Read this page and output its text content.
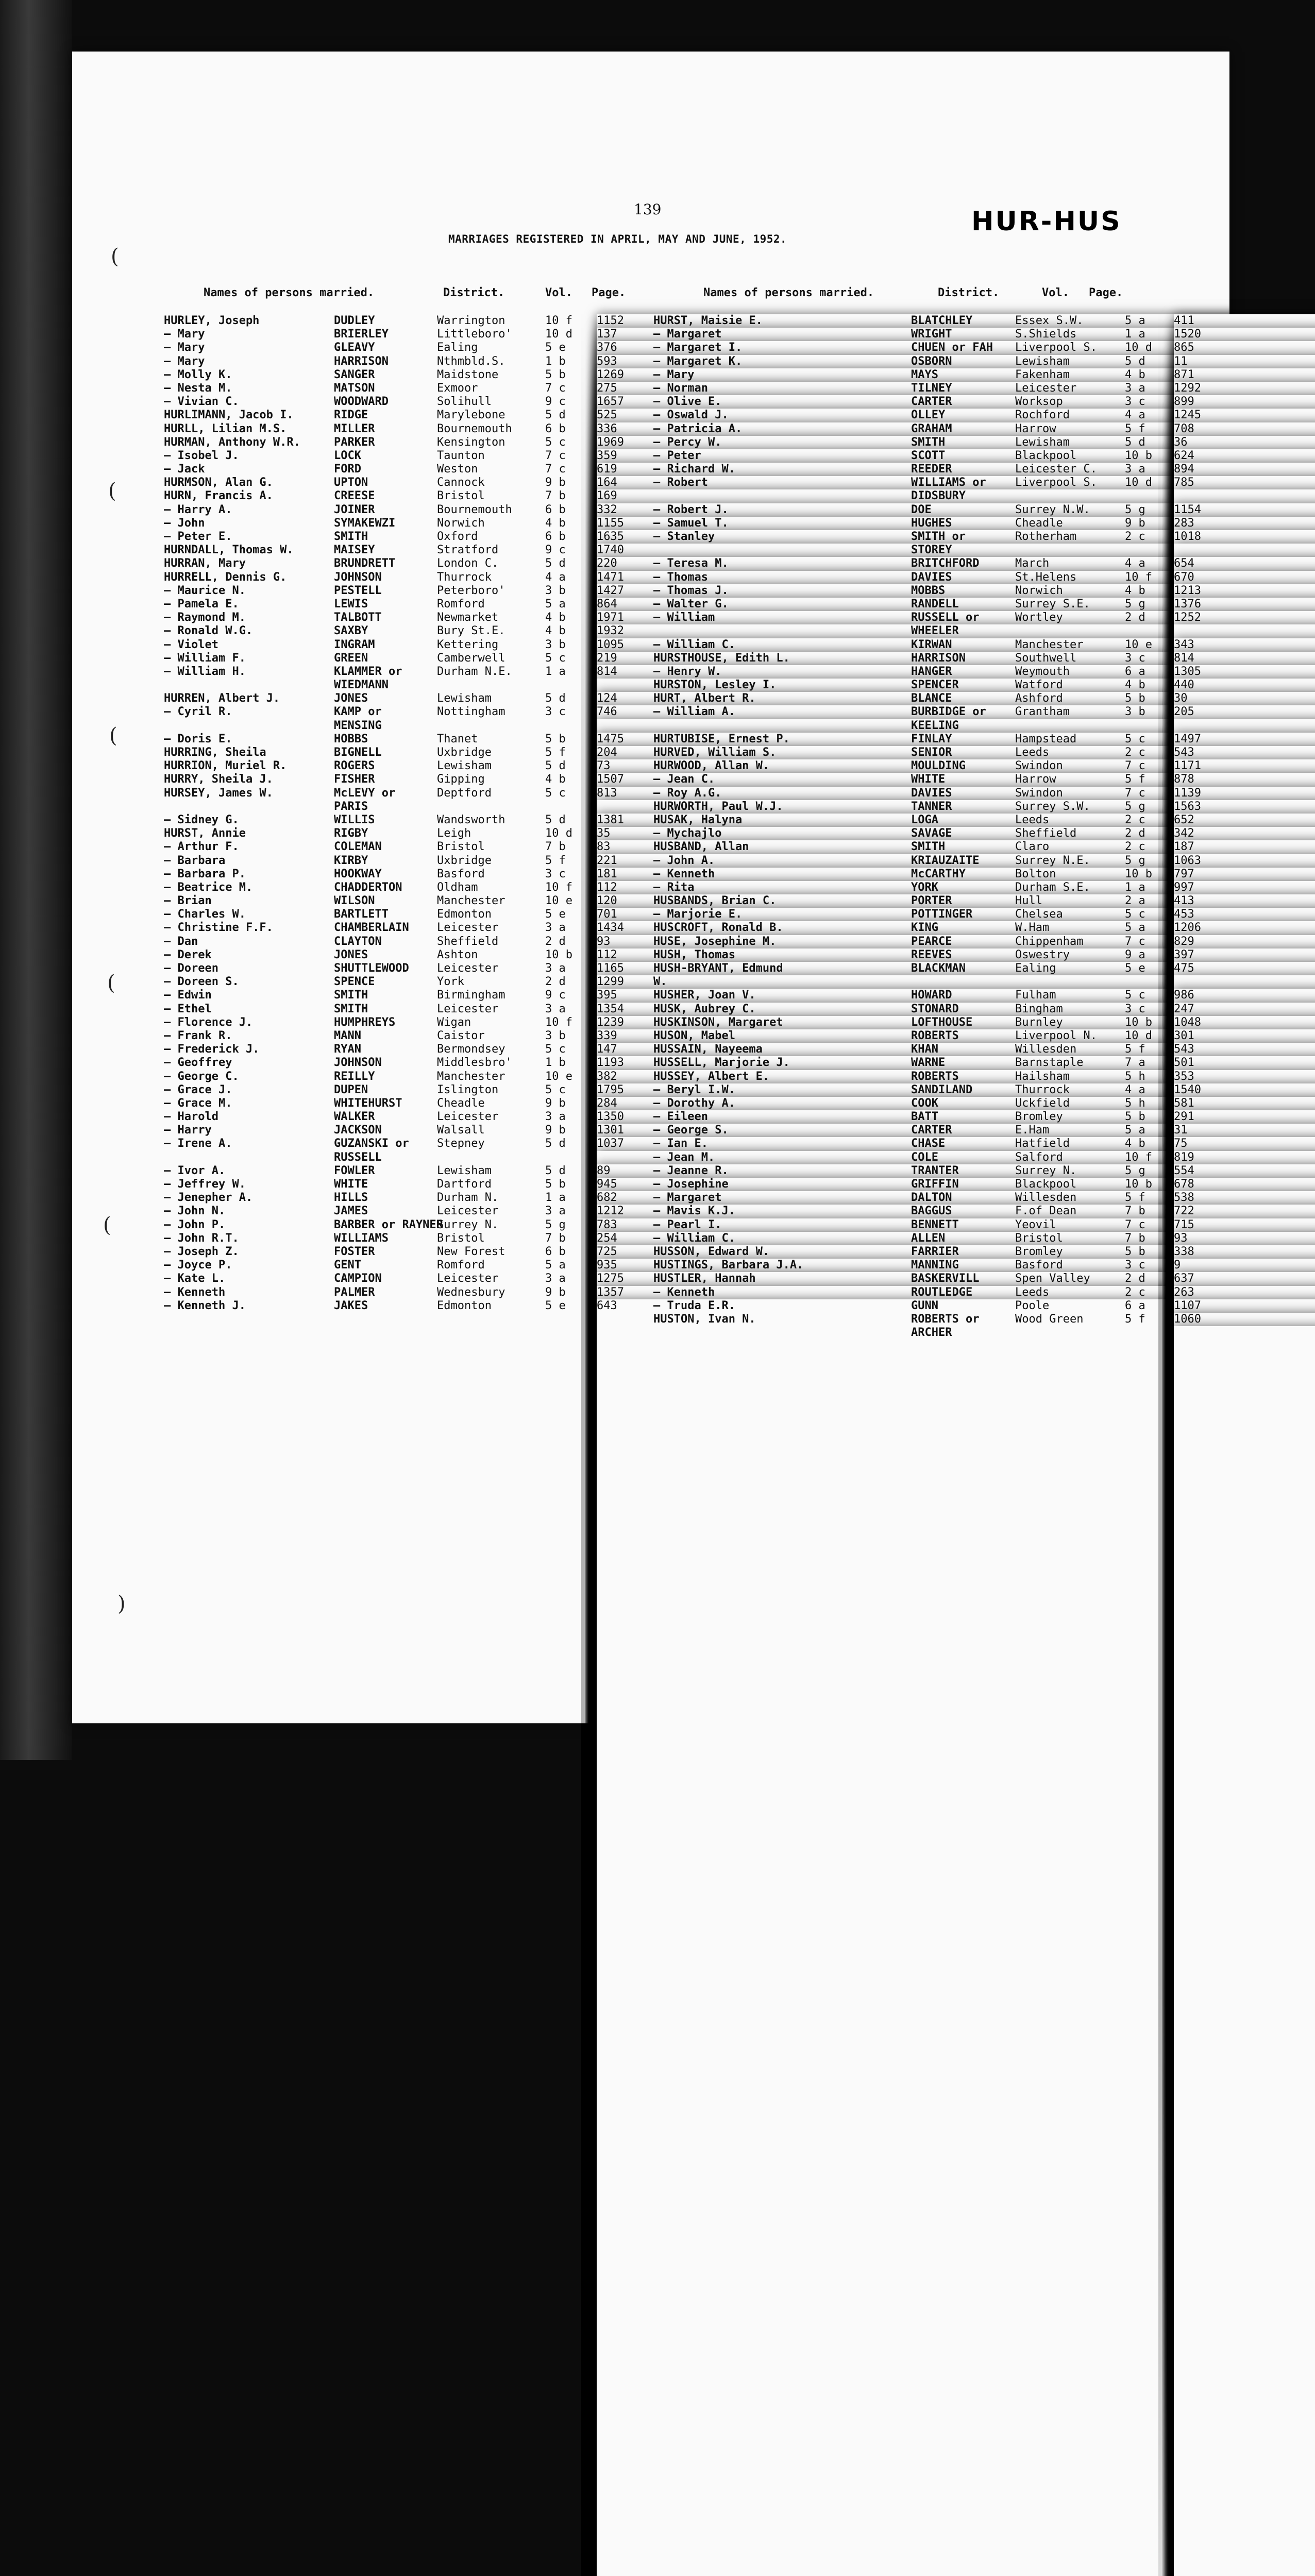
139
MARRIAGES REGISTERED IN APRIL, MAY AND JUNE, 1952.
HUR-HUS
(
(
(
(
(
)
Names of persons married.	District.	Vol. Page.	Names of persons married.	District.	Vol. Page.
HURLEY, Joseph	DUDLEY	Warrington	10 f 1152
— Mary	BRIERLEY	Littleboro'	10 d 137
— Mary	GLEAVY	Ealing	5 e	376
— Mary	HARRISON	Nthmbld.S.	1 b	593
— Molly K.	SANGER	Maidstone	5 b	1269
— Nesta M.	MATSON	Exmoor	7 c	275
— Vivian C.	WOODWARD	Solihull	9 c	1657
HURLIMANN, Jacob I.	RIDGE	Marylebone	5 d	525
HURLL, Lilian M.S.	MILLER	Bournemouth	6 b	336
HURMAN, Anthony W.R.	PARKER	Kensington	5 c	1969
— Isobel J.	LOCK	Taunton	7 c	359
— Jack	FORD	Weston	7 c	619
HURMSON, Alan G.	UPTON	Cannock	9 b	164
HURN, Francis A.	CREESE	Bristol	7 b	169
— Harry A.	JOINER	Bournemouth	6 b	332
— John	SYMAKEWZI	Norwich	4 b	1155
— Peter E.	SMITH	Oxford	6 b	1635
HURNDALL, Thomas W.	MAISEY	Stratford	9 c	1740
HURRAN, Mary	BRUNDRETT	London C.	5 d	220
HURRELL, Dennis G.	JOHNSON	Thurrock	4 a	1471
— Maurice N.	PESTELL	Peterboro'	3 b	1427
— Pamela E.	LEWIS	Romford	5 a	864
— Raymond M.	TALBOTT	Newmarket	4 b	1971
— Ronald W.G.	SAXBY	Bury St.E.	4 b	1932
— Violet	INGRAM	Kettering	3 b	1095
— William F.	GREEN	Camberwell	5 c	219
— William H.	KLAMMER or	Durham N.E.	1 a	814
WIEDMANN
HURREN, Albert J.	JONES	Lewisham	5 d	124
— Cyril R.	KAMP or	Nottingham	3 c	746
MENSING
— Doris E.	HOBBS	Thanet	5 b	1475
HURRING, Sheila	BIGNELL	Uxbridge	5 f	204
HURRION, Muriel R.	ROGERS	Lewisham	5 d	73
HURRY, Sheila J.	FISHER	Gipping	4 b	1507
HURSEY, James W.	McLEVY or	Deptford	5 c	813
PARIS
— Sidney G.	WILLIS	Wandsworth	5 d	1381
HURST, Annie	RIGBY	Leigh	10 d 35
— Arthur F.	COLEMAN	Bristol	7 b	83
— Barbara	KIRBY	Uxbridge	5 f	221
— Barbara P.	HOOKWAY	Basford	3 c	181
— Beatrice M.	CHADDERTON	Oldham	10 f 112
— Brian	WILSON	Manchester	10 e 120
— Charles W.	BARTLETT	Edmonton	5 e	701
— Christine F.F.	CHAMBERLAIN Leicester	3 a	1434
— Dan	CLAYTON	Sheffield	2 d	93
— Derek	JONES	Ashton	10 b 112
— Doreen	SHUTTLEWOOD Leicester	3 a	1165
— Doreen S.	SPENCE	York	2 d	1299
— Edwin	SMITH	Birmingham	9 c	395
— Ethel	SMITH	Leicester	3 a	1354
— Florence J.	HUMPHREYS	Wigan	10 f 1239
— Frank R.	MANN	Caistor	3 b	339
— Frederick J.	RYAN	Bermondsey	5 c	147
— Geoffrey	JOHNSON	Middlesbro'	1 b	1193
— George C.	REILLY	Manchester	10 e 382
— Grace J.	DUPEN	Islington	5 c	1795
— Grace M.	WHITEHURST	Cheadle	9 b	284
— Harold	WALKER	Leicester	3 a	1350
— Harry	JACKSON	Walsall	9 b	1301
— Irene A.	GUZANSKI or Stepney	5 d	1037
RUSSELL
— Ivor A.	FOWLER	Lewisham	5 d	89
— Jeffrey W.	WHITE	Dartford	5 b	945
— Jenepher A.	HILLS	Durham N.	1 a	682
— John N.	JAMES	Leicester	3 a	1212
— John P.	BARBER or RAYNER
Surrey N.	5 g	783
— John R.T.	WILLIAMS	Bristol	7 b	254
— Joseph Z.	FOSTER	New Forest	6 b	725
— Joyce P.	GENT	Romford	5 a	935
— Kate L.	CAMPION	Leicester	3 a	1275
— Kenneth	PALMER	Wednesbury	9 b	1357
— Kenneth J.	JAKES	Edmonton	5 e	643
HURST, Maisie E.	BLATCHLEY	Essex S.W.	5 a	411
— Margaret	WRIGHT	S.Shields	1 a	1520
— Margaret I.	CHUEN or FAH Liverpool S. 10 d 865
— Margaret K.	OSBORN	Lewisham	5 d	11
— Mary	MAYS	Fakenham	4 b	871
— Norman	TILNEY	Leicester	3 a	1292
— Olive E.	CARTER	Worksop	3 c	899
— Oswald J.	OLLEY	Rochford	4 a	1245
— Patricia A.	GRAHAM	Harrow	5 f	708
— Percy W.	SMITH	Lewisham	5 d	36
— Peter	SCOTT	Blackpool	10 b 624
— Richard W.	REEDER	Leicester C. 3 a	894
— Robert	WILLIAMS or	Liverpool S. 10 d 785
DIDSBURY
— Robert J.	DOE	Surrey N.W.	5 g	1154
— Samuel T.	HUGHES	Cheadle	9 b	283
— Stanley	SMITH or	Rotherham	2 c	1018
STOREY
— Teresa M.	BRITCHFORD	March	4 a	654
— Thomas	DAVIES	St.Helens	10 f 670
— Thomas J.	MOBBS	Norwich	4 b	1213
— Walter G.	RANDELL	Surrey S.E.	5 g	1376
— William	RUSSELL or	Wortley	2 d	1252
WHEELER
— William C.	KIRWAN	Manchester	10 e 343
HURSTHOUSE, Edith L.	HARRISON	Southwell	3 c	814
— Henry W.	HANGER	Weymouth	6 a	1305
HURSTON, Lesley I.	SPENCER	Watford	4 b	440
HURT, Albert R.	BLANCE	Ashford	5 b	30
— William A.	BURBIDGE or	Grantham	3 b	205
KEELING
HURTUBISE, Ernest P.	FINLAY	Hampstead	5 c	1497
HURVED, William S.	SENIOR	Leeds	2 c	543
HURWOOD, Allan W.	MOULDING	Swindon	7 c	1171
— Jean C.	WHITE	Harrow	5 f	878
— Roy A.G.	DAVIES	Swindon	7 c	1139
HURWORTH, Paul W.J.	TANNER	Surrey S.W.	5 g	1563
HUSAK, Halyna	LOGA	Leeds	2 c	652
— Mychajlo	SAVAGE	Sheffield	2 d	342
HUSBAND, Allan	SMITH	Claro	2 c	187
— John A.	KRIAUZAITE	Surrey N.E.	5 g	1063
— Kenneth	McCARTHY	Bolton	10 b 797
— Rita	YORK	Durham S.E.	1 a	997
HUSBANDS, Brian C.	PORTER	Hull	2 a	413
— Marjorie E.	POTTINGER	Chelsea	5 c	453
HUSCROFT, Ronald B.	KING	W.Ham	5 a	1206
HUSE, Josephine M.	PEARCE	Chippenham	7 c	829
HUSH, Thomas	REEVES	Oswestry	9 a	397
HUSH-BRYANT, Edmund	BLACKMAN	Ealing	5 e	475
W.
HUSHER, Joan V.	HOWARD	Fulham	5 c	986
HUSK, Aubrey C.	STONARD	Bingham	3 c	247
HUSKINSON, Margaret	LOFTHOUSE	Burnley	10 b 1048
HUSON, Mabel	ROBERTS	Liverpool N. 10 d 301
HUSSAIN, Nayeema	KHAN	Willesden	5 f	543
HUSSELL, Marjorie J.	WARNE	Barnstaple	7 a	501
HUSSEY, Albert E.	ROBERTS	Hailsham	5 h	353
— Beryl I.W.	SANDILAND	Thurrock	4 a	1540
— Dorothy A.	COOK	Uckfield	5 h	581
— Eileen	BATT	Bromley	5 b	291
— George S.	CARTER	E.Ham	5 a	31
— Ian E.	CHASE	Hatfield	4 b	75
— Jean M.	COLE	Salford	10 f 819
— Jeanne R.	TRANTER	Surrey N.	5 g	554
— Josephine	GRIFFIN	Blackpool	10 b 678
— Margaret	DALTON	Willesden	5 f	538
— Mavis K.J.	BAGGUS	F.of Dean	7 b	722
— Pearl I.	BENNETT	Yeovil	7 c	715
— William C.	ALLEN	Bristol	7 b	93
HUSSON, Edward W.	FARRIER	Bromley	5 b	338
HUSTINGS, Barbara J.A.	MANNING	Basford	3 c	9
HUSTLER, Hannah	BASKERVILL	Spen Valley	2 d	637
— Kenneth	ROUTLEDGE	Leeds	2 c	263
— Truda E.R.	GUNN	Poole	6 a	1107
HUSTON, Ivan N.	ROBERTS or	Wood Green	5 f	1060
ARCHER
